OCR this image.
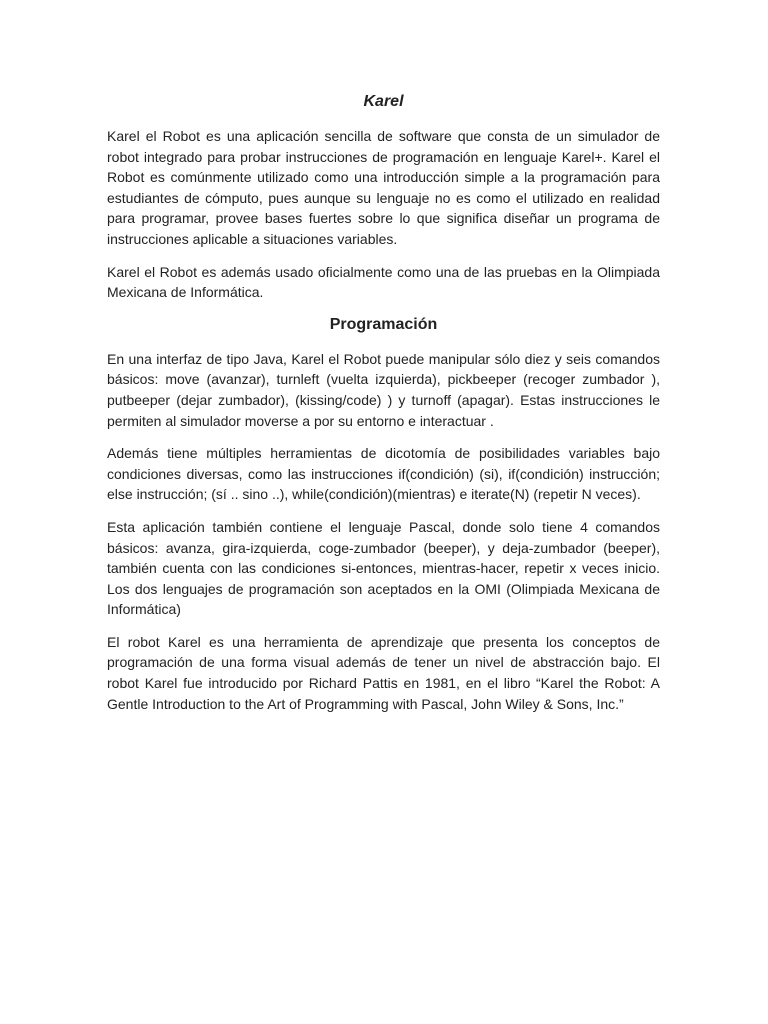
Karel

Karel el Robot es una aplicación sencilla de software que consta de un simulador de robot integrado para probar instrucciones de programación en lenguaje Karel+. Karel el Robot es comúnmente utilizado como una introducción simple a la programación para estudiantes de cómputo, pues aunque su lenguaje no es como el utilizado en realidad para programar, provee bases fuertes sobre lo que significa diseñar un programa de instrucciones aplicable a situaciones variables.

Karel el Robot es además usado oficialmente como una de las pruebas en la Olimpiada Mexicana de Informática.

Programación

En una interfaz de tipo Java, Karel el Robot puede manipular sólo diez y seis comandos básicos: move (avanzar), turnleft (vuelta izquierda), pickbeeper (recoger zumbador ), putbeeper (dejar zumbador), (kissing/code) ) y turnoff (apagar). Estas instrucciones le permiten al simulador moverse a por su entorno e interactuar .

Además tiene múltiples herramientas de dicotomía de posibilidades variables bajo condiciones diversas, como las instrucciones if(condición) (si), if(condición) instrucción; else instrucción; (sí .. sino ..), while(condición)(mientras) e iterate(N) (repetir N veces).

Esta aplicación también contiene el lenguaje Pascal, donde solo tiene 4 comandos básicos: avanza, gira-izquierda, coge-zumbador (beeper), y deja-zumbador (beeper), también cuenta con las condiciones si-entonces, mientras-hacer, repetir x veces inicio. Los dos lenguajes de programación son aceptados en la OMI (Olimpiada Mexicana de Informática)

El robot Karel es una herramienta de aprendizaje que presenta los conceptos de programación de una forma visual además de tener un nivel de abstracción bajo. El robot Karel fue introducido por Richard Pattis en 1981, en el libro “Karel the Robot: A Gentle Introduction to the Art of Programming with Pascal, John Wiley & Sons, Inc.”
